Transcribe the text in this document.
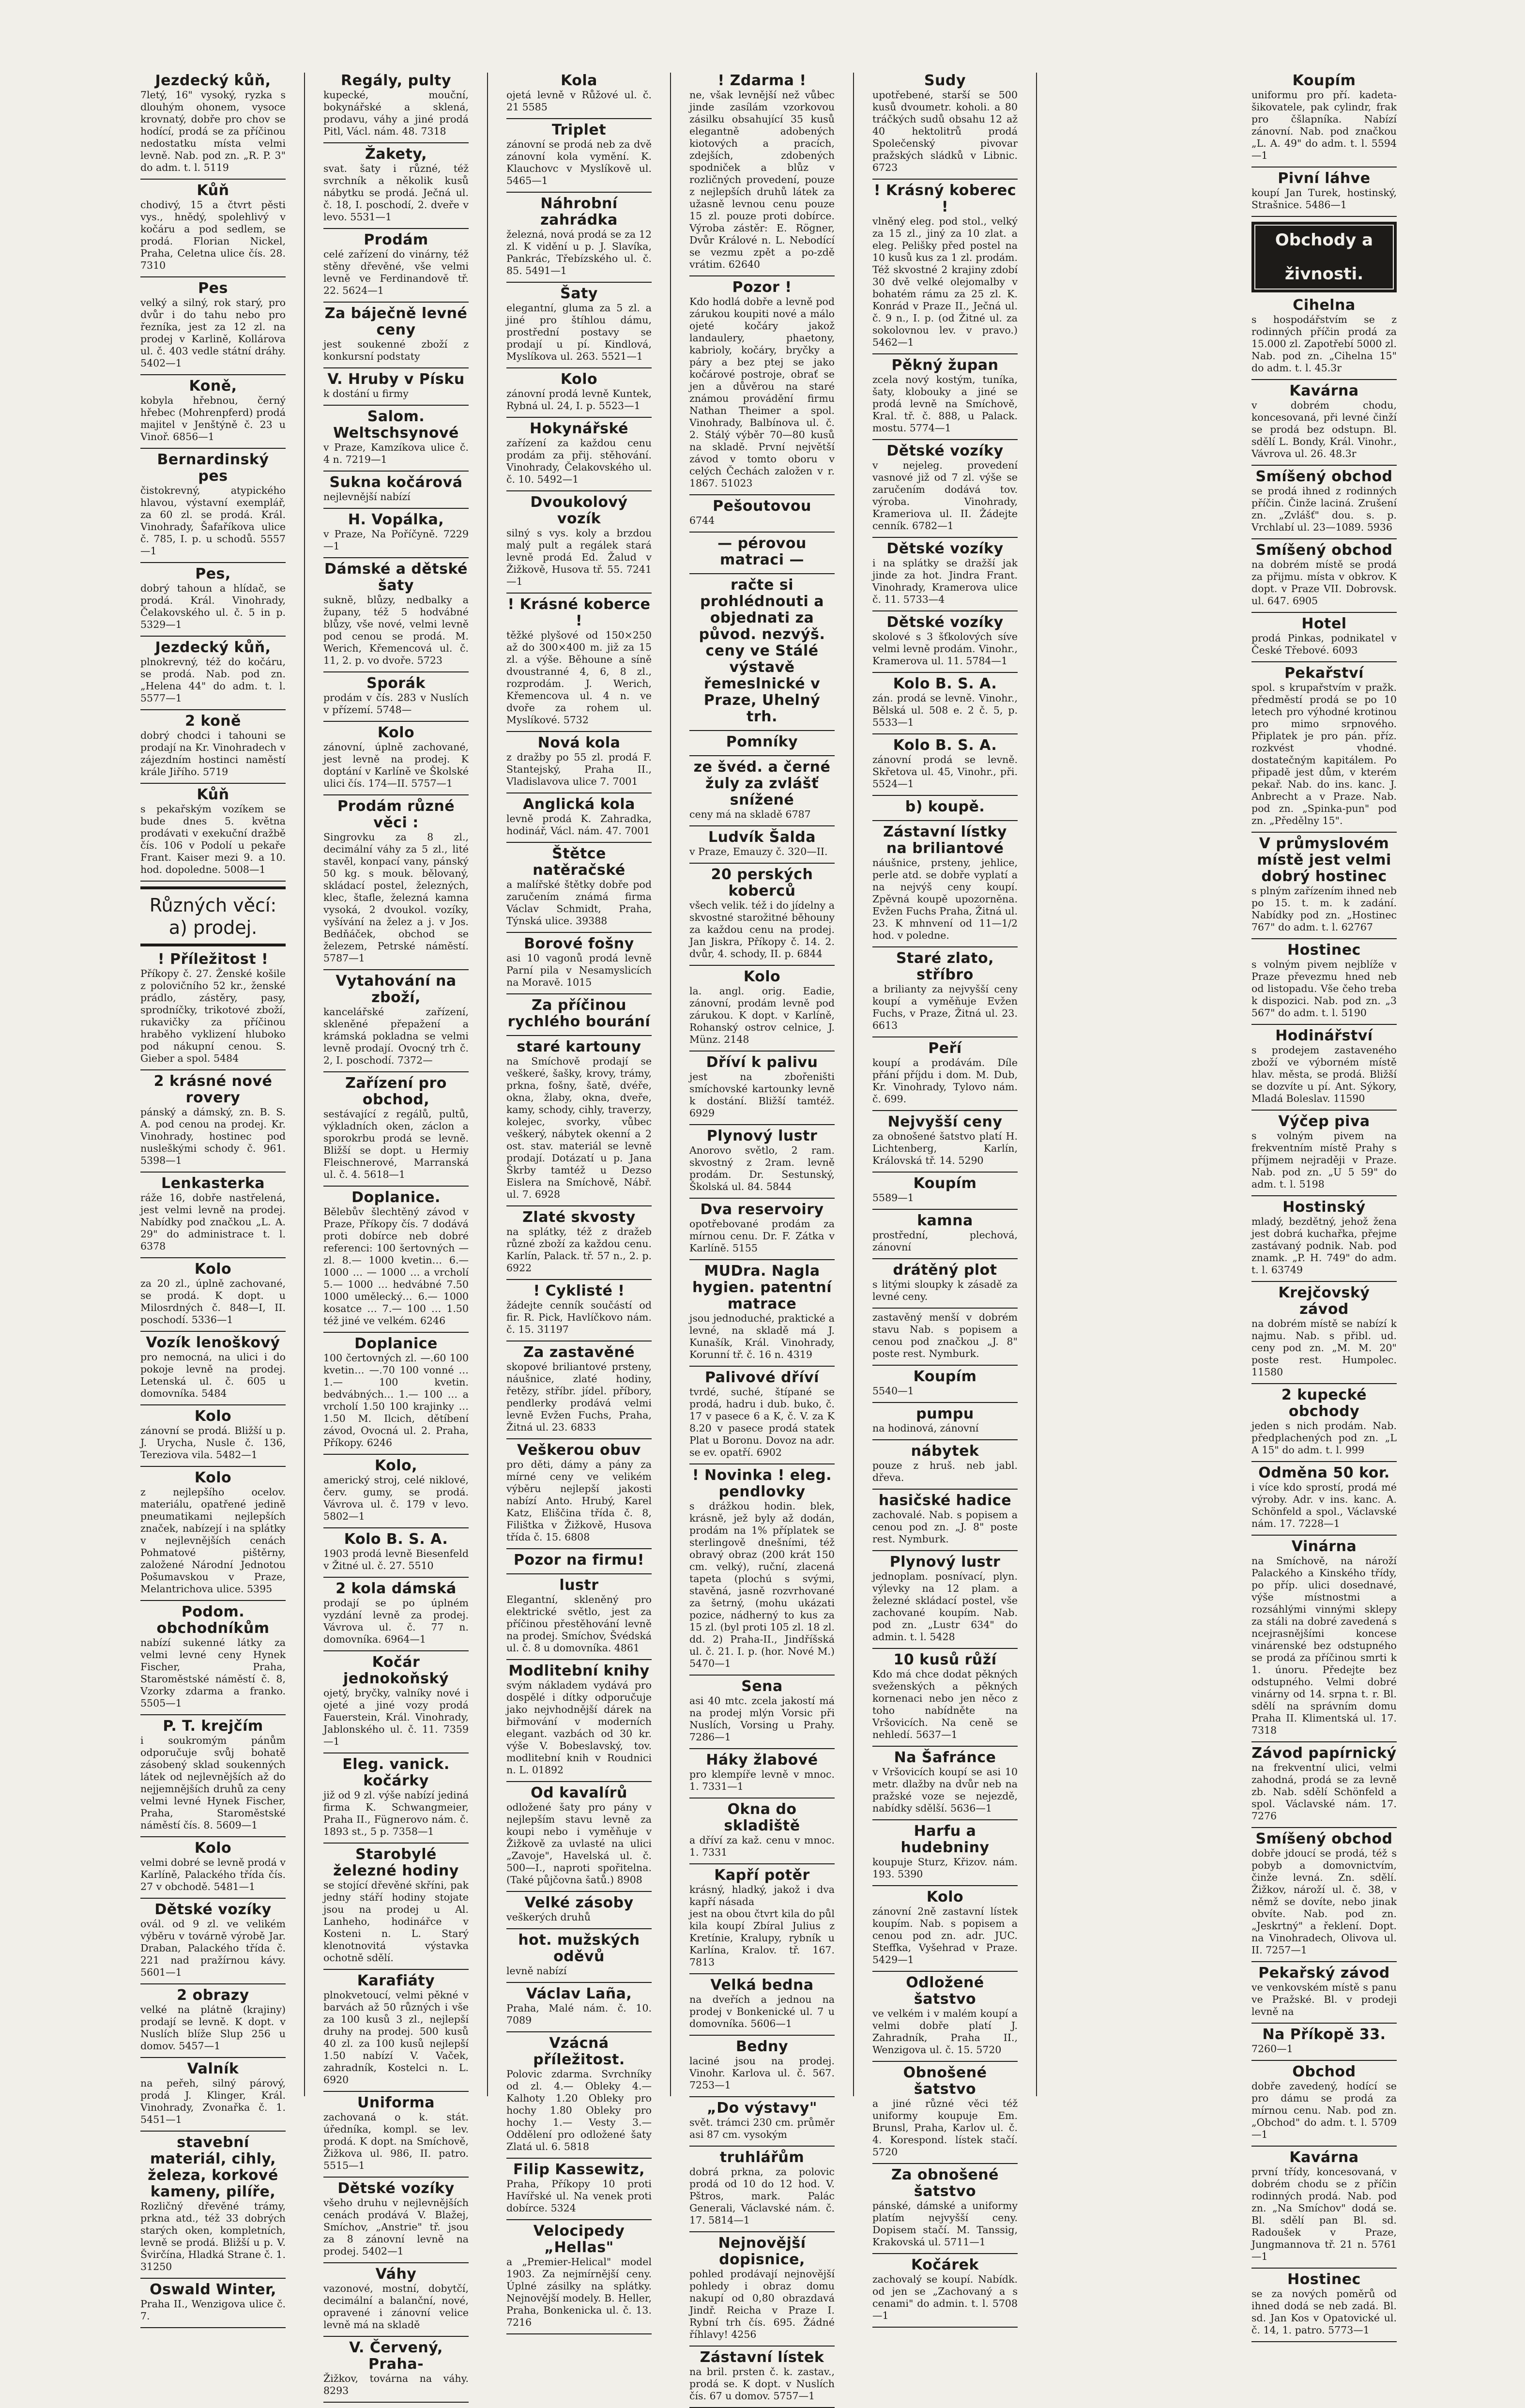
Jezdecký kůň,
7letý, 16" vysoký, ryzka s dlouhým ohonem, vysoce krovnatý, dobře pro chov se hodící, prodá se za příčinou nedostatku místa velmi levně. Nab. pod zn. „R. P. 3" do adm. t. l. 5119
Kůň
chodivý, 15 a čtvrt pěsti vys., hnědý, spolehlivý v kočáru a pod sedlem, se prodá. Florian Nickel, Praha, Celetna ulice čís. 28. 7310
Pes
velký a silný, rok starý, pro dvůr i do tahu nebo pro řezníka, jest za 12 zl. na prodej v Karlině, Kollárova ul. č. 403 vedle státní dráhy. 5402—1
Koně,
kobyla hřebnou, černý hřebec (Mohrenpferd) prodá majitel v Jenštýně č. 23 u Vinoř. 6856—1
Bernardinský pes
čistokrevný, atypického hlavou, výstavní exemplář, za 60 zl. se prodá. Král. Vinohrady, Šafaříkova ulice č. 785, I. p. u schodů. 5557—1
Pes,
dobrý tahoun a hlídač, se prodá. Král. Vinohrady, Čelakovského ul. č. 5 in p. 5329—1
Jezdecký kůň,
plnokrevný, též do kočáru, se prodá. Nab. pod zn. „Helena 44" do adm. t. l. 5577—1
2 koně
dobrý chodci i tahouni se prodají na Kr. Vinohradech v zájezdním hostinci naměstí krále Jiřího. 5719
Kůň
s pekařským vozíkem se bude dnes 5. května prodávati v exekuční dražbě čís. 106 v Podolí u pekaře Frant. Kaiser mezi 9. a 10. hod. dopoledne. 5008—1
Různých věcí: a) prodej.
! Příležitost !
Příkopy č. 27. Ženské košile z polovičního 52 kr., ženské prádlo, zástěry, pasy, sprodníčky, trikotové zboží, rukavičky za příčinou hraběho vyklizení hluboko pod nákupní cenou. S. Gieber a spol. 5484
2 krásné nové rovery
pánský a dámský, zn. B. S. A. pod cenou na prodej. Kr. Vinohrady, hostinec pod nusleškými schody č. 961. 5398—1
Lenkasterka
ráže 16, dobře nastřelená, jest velmi levně na prodej. Nabídky pod značkou „L. A. 29" do administrace t. l. 6378
Kolo
za 20 zl., úplně zachované, se prodá. K dopt. u Milosrdných č. 848—I, II. poschodí. 5336—1
Vozík lenoškový
pro nemocná, na ulici i do pokoje levně na prodej. Letenská ul. č. 605 u domovníka. 5484
Kolo
zánovní se prodá. Bližší u p. J. Urycha, Nusle č. 136, Tereziova vila. 5482—1
Kolo
z nejlepšího ocelov. materiálu, opatřené jedině pneumatikami nejlepších značek, nabízejí i na splátky v nejlevnějších cenách Pohmatové pištěrny, založené Národní Jednotou Pošumavskou v Praze, Melantrichova ulice. 5395
Podom. obchodníkům
nabízí sukenné látky za velmi levné ceny Hynek Fischer, Praha, Staroměstské náměstí č. 8, Vzorky zdarma a franko. 5505—1
P. T. krejčím
i soukromým pánům odporučuje svůj bohatě zásobený sklad soukenných látek od nejlevnějších až do nejjemnějších druhů za ceny velmi levné Hynek Fischer, Praha, Staroměstské náměstí čís. 8. 5609—1
Kolo
velmi dobré se levně prodá v Karlíně, Palackého třída čís. 27 v obchodě. 5481—1
Dětské vozíky
ovál. od 9 zl. ve velikém výběru v továrně výrobě Jar. Draban, Palackého třída č. 221 nad pražírnou kávy. 5601—1
2 obrazy
velké na plátně (krajiny) prodají se levně. K dopt. v Nuslích blíže Slup 256 u domov. 5457—1
Valník
na peřeh, silný párový, prodá J. Klinger, Král. Vinohrady, Zvonařka č. 1. 5451—1
stavební materiál, cihly, železa, korkové kameny, pilíře,
Rozličný dřevěné trámy, prkna atd., též 33 dobrých starých oken, kompletních, levně se prodá. Bližší u p. V. Švirčína, Hladká Strane č. 1. 31250
Oswald Winter,
Praha II., Wenzigova ulice č. 7.
Regály, pulty
kupecké, mouční, bokynářské a sklená, prodavu, váhy a jiné prodá Pitl, Václ. nám. 48. 7318
Žakety,
svat. šaty i různé, též svrchník a několik kusů nábytku se prodá. Ječná ul. č. 18, I. poschodí, 2. dveře v levo. 5531—1
Prodám
celé zařízení do vinárny, též stěny dřevěné, vše velmi levně ve Ferdinandově tř. 22. 5624—1
Za báječně levné ceny
jest soukenné zboží z konkursní podstaty
V. Hruby v Písku
k dostání u firmy
Salom. Weltschsynové
v Praze, Kamzíkova ulice č. 4 n. 7219—1
Sukna kočárová
nejlevnější nabízí
H. Vopálka,
v Praze, Na Poříčyně. 7229—1
Dámské a dětské šaty
sukně, blůzy, nedbalky a župany, též 5 hodvábné blůzy, vše nové, velmi levně pod cenou se prodá. M. Werich, Křemencová ul. č. 11, 2. p. vo dvoře. 5723
Sporák
prodám v čís. 283 v Nuslích v přízemí. 5748—
Kolo
zánovní, úplně zachované, jest levně na prodej. K doptání v Karlíně ve Školské ulici čís. 174—II. 5757—1
Prodám různé věci :
Singrovku za 8 zl., decimální váhy za 5 zl., lité stavěl, konpací vany, pánský 50 kg. s mouk. bělovaný, skládací postel, železných, klec, štafle, železná kamna vysoká, 2 dvoukol. vozíky, vyšívání na želez a j. v Jos. Bedňáček, obchod se železem, Petrské náměstí. 5787—1
Vytahování na zboží,
kancelářské zařízení, skleněné přepažení a krámská pokladna se velmi levně prodají. Ovocný trh č. 2, I. poschodí. 7372—
Zařízení pro obchod,
sestávající z regálů, pultů, výkladních oken, záclon a sporokrbu prodá se levně. Bližší se dopt. u Hermiy Fleischnerové, Marranská ul. č. 4. 5618—1
Doplanice.
Bělebův šlechtěný závod v Praze, Příkopy čís. 7 dodává proti dobírce neb dobré referenci: 100 šertovných — zl. 8.— 1000 kvetin… 6.— 1000 … — 1000 … a vrcholí 5.— 1000 … hedvábné 7.50 1000 umělecký… 6.— 1000 kosatce … 7.— 100 … 1.50 též jiné ve velkém. 6246
Doplanice
100 čertovných zl. —.60 100 kvetin… —.70 100 vonné … 1.— 100 kvetin. bedvábných… 1.— 100 … a vrcholí 1.50 100 krajinky … 1.50 M. Ilcich, dětíbení závod, Ovocná ul. 2. Praha, Příkopy. 6246
Kolo,
americký stroj, celé niklové, červ. gumy, se prodá. Vávrova ul. č. 179 v levo. 5802—1
Kolo B. S. A.
1903 prodá levně Biesenfeld v Žitné ul. č. 27. 5510
2 kola dámská
prodají se po úplném vyzdání levně za prodej. Vávrova ul. č. 77 n. domovníka. 6964—1
Kočár jednokoňský
ojetý, bryčky, valníky nové i ojeté a jiné vozy prodá Fauerstein, Král. Vinohrady, Jablonského ul. č. 11. 7359—1
Eleg. vanick. kočárky
již od 9 zl. výše nabízí jediná firma K. Schwangmeier, Praha II., Fügnerovo nám. č. 1893 st., 5 p. 7358—1
Starobylé železné hodiny
se stojící dřevěné skříni, pak jedny stáří hodiny stojate jsou na prodej u Al. Lanheho, hodinářce v Kosteni n. L. Starý klenotnovitá výstavka ochotně sdělí.
Karafiáty
plnokvetoucí, velmi pěkné v barvách až 50 různých i vše za 100 kusů 3 zl., nejlepší druhy na prodej. 500 kusů 40 zl. za 100 kusů nejlepší 1.50 nabízí V. Vaček, zahradník, Kostelci n. L. 6920
Uniforma
zachovaná o k. stát. úředníka, kompl. se lev. prodá. K dopt. na Smíchově, Žižkova ul. 986, II. patro. 5515—1
Dětské vozíky
všeho druhu v nejlevnějších cenách prodává V. Blažej, Smíchov, „Anstrie" tř. jsou za 8 zánovní levně na prodej. 5402—1
Váhy
vazonové, mostní, dobytčí, decimální a balanční, nové, opravené i zánovní velice levně má na skladě
V. Červený, Praha-
Žižkov, továrna na váhy. 8293
Kola
ojetá levně v Růžové ul. č. 21 5585
Triplet
zánovní se prodá neb za dvě zánovní kola vymění. K. Klauchovc v Myslíkově ul. 5465—1
Náhrobní zahrádka
železná, nová prodá se za 12 zl. K vidění u p. J. Slavíka, Pankrác, Třebízského ul. č. 85. 5491—1
Šaty
elegantní, gluma za 5 zl. a jiné pro štíhlou dámu, prostřední postavy se prodají u pí. Kindlová, Myslíkova ul. 263. 5521—1
Kolo
zánovní prodá levně Kuntek, Rybná ul. 24, I. p. 5523—1
Hokynářské
zařízení za každou cenu prodám za přij. stěhování. Vinohrady, Čelakovského ul. č. 10. 5492—1
Dvoukolový vozík
silný s vys. koly a brzdou malý pult a regálek stará levně prodá Ed. Žalud v Žižkově, Husova tř. 55. 7241—1
! Krásné koberce !
těžké plyšové od 150×250 až do 300×400 m. již za 15 zl. a výše. Běhoune a síně dvoustranné 4, 6, 8 zl., rozprodám. J. Werich, Křemencova ul. 4 n. ve dvoře za rohem ul. Myslíkové. 5732
Nová kola
z dražby po 55 zl. prodá F. Stantejský, Praha II., Vladislavova ulice 7. 7001
Anglická kola
levně prodá K. Zahradka, hodinář, Václ. nám. 47. 7001
Štětce natěračské
a malířské štětky dobře pod zaručením známá firma Václav Schmidt, Praha, Týnská ulice. 39388
Borové fošny
asi 10 vagonů prodá levně Parní pila v Nesamyslicích na Moravě. 1015
Za příčinou rychlého bourání
staré kartouny
na Smíchově prodají se veškeré, šašky, krovy, trámy, prkna, fošny, šatě, dvéře, okna, žlaby, okna, dveře, kamy, schody, cihly, traverzy, kolejec, svorky, vůbec veškerý, nábytek okenní a 2 ost. stav. materiál se levně prodají. Dotázatí u p. Jana Škrby tamtéž u Dezso Eislera na Smíchově, Nábř. ul. 7. 6928
Zlaté skvosty
na splátky, též z dražeb různé zboží za každou cenu. Karlín, Palack. tř. 57 n., 2. p. 6922
! Cyklisté !
žádejte cenník součástí od fir. R. Pick, Havlíčkovo nám. č. 15. 31197
Za zastavěné
skopové briliantové prsteny, náušnice, zlaté hodiny, řetězy, stříbr. jídel. příbory, pendlerky prodává velmi levně Evžen Fuchs, Praha, Žitná ul. 23. 6833
Veškerou obuv
pro děti, dámy a pány za mírné ceny ve velikém výběru nejlepší jakosti nabízí Anto. Hrubý, Karel Katz, Eliščina třída č. 8, Filištka v Žižkově, Husova třída č. 15. 6808
Pozor na firmu!
lustr
Elegantní, skleněný pro elektrické světlo, jest za příčinou přestěhování levně na prodej. Smíchov, Švédská ul. č. 8 u domovníka. 4861
Modlitební knihy
svým nákladem vydává pro dospělé i dítky odporučuje jako nejvhodnější dárek na biřmování v moderních elegant. vazbách od 30 kr. výše V. Bobeslavský, tov. modlitební knih v Roudnici n. L. 01892
Od kavalírů
odložené šaty pro pány v nejlepším stavu levně za koupi nebo i vyměňuje v Žižkově za uvlasté na ulici „Zavoje", Havelská ul. č. 500—I., naproti spořitelna. (Také půjčovna šatů.) 8908
Velké zásoby
veškerých druhů
hot. mužských oděvů
levně nabízí
Václav Laña,
Praha, Malé nám. č. 10. 7089
Vzácná příležitost.
Polovic zdarma. Svrchníky od zl. 4.— Obleky 4.— Kalhoty 1.20 Obleky pro hochy 1.80 Obleky pro hochy 1.— Vesty 3.— Oddělení pro odložené šaty Zlatá ul. 6. 5818
Filip Kassewitz,
Praha, Příkopy 10 proti Havířské ul. Na venek proti dobírce. 5324
Velocipedy „Hellas"
a „Premier-Helical" model 1903. Za nejmírnější ceny. Úplné zásilky na splátky. Nejnovější modely. B. Heller, Praha, Bonkenicka ul. č. 13. 7216
! Zdarma !
ne, však levnější než vůbec jinde zasílám vzorkovou zásilku obsahující 35 kusů elegantně adobených kiotových a pracích, zdejších, zdobených spodniček a blůz v rozličných provedení, pouze z nejlepších druhů látek za užasně levnou cenu pouze 15 zl. pouze proti dobírce. Výroba zástěr: E. Rögner, Dvůr Králové n. L. Nebodící se vezmu zpět a po-zdě vrátim. 62640
Pozor !
Kdo hodlá dobře a levně pod zárukou koupiti nové a málo ojeté kočáry jakož landaulery, phaetony, kabrioly, kočáry, bryčky a páry a bez ptej se jako kočárové postroje, obrať se jen a důvěrou na staré známou provádění firmu Nathan Theimer a spol. Vinohrady, Balbínova ul. č. 2. Stálý výběr 70—80 kusů na skladě. První největší závod v tomto oboru v celých Čechách založen v r. 1867. 51023
Pešoutovou
6744
— pérovou matraci —
račte si prohlédnouti a objednati za původ. nezvýš. ceny ve Stálé výstavě řemeslnické v Praze, Uhelný trh.
Pomníky
ze švéd. a černé žuly za zvlášť snížené
ceny má na skladě 6787
Ludvík Šalda
v Praze, Emauzy č. 320—II.
20 perských koberců
všech velik. též i do jídelny a skvostné starožitné běhouny za každou cenu na prodej. Jan Jiskra, Příkopy č. 14. 2. dvůr, 4. schody, II. p. 6844
Kolo
la. angl. orig. Eadie, zánovní, prodám levně pod zárukou. K dopt. v Karlíně, Rohanský ostrov celnice, J. Münz. 2148
Dříví k palivu
jest na zbořeništi smíchovské kartounky levně k dostání. Bližší tamtéž. 6929
Plynový lustr
Anorovo světlo, 2 ram. skvostný z 2ram. levně prodám. Dr. Sestunský, Školská ul. 84. 5844
Dva reservoiry
opotřebované prodám za mírnou cenu. Dr. F. Zátka v Karlíně. 5155
MUDra. Nagla hygien. patentní matrace
jsou jednoduché, praktické a levné, na skladě má J. Kunašík, Král. Vinohrady, Korunní tř. č. 16 n. 4319
Palivové dříví
tvrdé, suché, štípané se prodá, hadru i dub. buko, č. 17 v pasece 6 a K, č. V. za K 8.20 v pasece prodá statek Plat u Boronu. Dovoz na adr. se ev. opatří. 6902
! Novinka ! eleg. pendlovky
s drážkou hodin. blek, krásně, jež byly až dodán, prodám na 1% příplatek se sterlingově dnešními, též obravý obraz (200 krát 150 cm. velký), ruční, zlacená tapeta (plochú s svými, stavěná, jasně rozvrhované za šetrný, (mohu ukázati pozice, nádherný to kus za 15 zl. (byl proti 105 zl. 18 zl. dd. 2) Praha-II., Jindříšská ul. č. 21. I. p. (hor. Nové M.) 5470—1
Sena
asi 40 mtc. zcela jakostí má na prodej mlýn Vorsic při Nuslích, Vorsing u Prahy. 7286—1
Háky žlabové
pro klempíře levně v mnoc. 1. 7331—1
Okna do skladiště
a dříví za kaž. cenu v mnoc. 1. 7331
Kapří potěr
krásný, hladký, jakož i dva kapří násada
jest na obou čtvrt kila do půl kila koupí Zbíral Julius z Kretínie, Kralupy, rybník u Karlína, Kralov. tř. 167. 7813
Velká bedna
na dveřích a jednou na prodej v Bonkenické ul. 7 u domovníka. 5606—1
Bedny
laciné jsou na prodej. Vinohr. Karlova ul. č. 567. 7253—1
„Do výstavy"
svět. trámci 230 cm. průměr asi 87 cm. vysokým
truhlářům
dobrá prkna, za polovic prodá od 10 do 12 hod. V. Pštros, mark. Palác Generali, Václavské nám. č. 17. 5814—1
Nejnovější dopisnice,
pohled prodávají nejnovější pohledy i obraz domu nakupí od 0,80 obrazdavá Jindř. Reicha v Praze I. Rybní trh čís. 695. Žádné říhlavy! 4256
Zástavní lístek
na bril. prsten č. k. zastav., prodá se. K dopt. v Nuslích čís. 67 u domov. 5757—1
Sudy
upotřebené, starší se 500 kusů dvoumetr. koholi. a 80 tráčkých sudů obsahu 12 až 40 hektolitrů prodá Společenský pivovar pražských sládků v Libnic. 6723
! Krásný koberec !
vlněný eleg. pod stol., velký za 15 zl., jiný za 10 zlat. a eleg. Pelišky před postel na 10 kusů kus za 1 zl. prodám. Též skvostné 2 krajiny zdobí 30 dvě velké olejomalby v bohatém rámu za 25 zl. K. Konrád v Praze II., Ječná ul. č. 9 n., I. p. (od Žitné ul. za sokolovnou lev. v pravo.) 5462—1
Pěkný župan
zcela nový kostým, tuníka, šaty, klobouky a jiné se prodá levně na Smíchově, Kral. tř. č. 888, u Palack. mostu. 5774—1
Dětské vozíky
v nejeleg. provedení vasnové již od 7 zl. výše se zaručením dodává tov. výroba. Vinohrady, Krameriova ul. II. Žádejte cenník. 6782—1
Dětské vozíky
i na splátky se dražší jak jinde za hot. Jindra Frant. Vinohrady, Kramerova ulice č. 11. 5733—4
Dětské vozíky
skolové s 3 šťkolových síve velmi levně prodám. Vinohr., Kramerova ul. 11. 5784—1
Kolo B. S. A.
zán. prodá se levně. Vinohr., Bělská ul. 508 e. 2 č. 5, p. 5533—1
Kolo B. S. A.
zánovní prodá se levně. Skřetova ul. 45, Vinohr., při. 5524—1
b) koupě.
Zástavní lístky na briliantové
náušnice, prsteny, jehlice, perle atd. se dobře vyplatí a na nejvýš ceny koupí. Zpěvná koupě upozorněna. Evžen Fuchs Praha, Žitná ul. 23. K mhnvení od 11—1/2 hod. v poledne.
Staré zlato, stříbro
a brilianty za nejvyšší ceny koupí a vyměňuje Evžen Fuchs, v Praze, Žitná ul. 23. 6613
Peří
koupí a prodávám. Díle přání příjdu i dom. M. Dub, Kr. Vinohrady, Tylovo nám. č. 699.
Nejvyšší ceny
za obnošené šatstvo platí H. Lichtenberg, Karlín, Královská tř. 14. 5290
Koupím
5589—1
kamna
prostřední, plechová, zánovní
drátěný plot
s litými sloupky k zásadě za levné ceny.
zastavěný menší v dobrém stavu Nab. s popisem a cenou pod značkou „J. 8" poste rest. Nymburk.
Koupím
5540—1
pumpu
na hodinová, zánovní
nábytek
pouze z hruš. neb jabl. dřeva.
hasičské hadice
zachovalé. Nab. s popisem a cenou pod zn. „J. 8" poste rest. Nymburk.
Plynový lustr
jednoplam. posnívací, plyn. výlevky na 12 plam. a železné skládací postel, vše zachované koupím. Nab. pod zn. „Lustr 634" do admin. t. l. 5428
10 kusů růží
Kdo má chce dodat pěkných sveženských a pěkných kornenaci nebo jen něco z toho nabídněte na Vršovicích. Na ceně se nehledí. 5637—1
Na Šafránce
v Vršovicích koupí se asi 10 metr. dlažby na dvůr neb na pražské voze se nejezdě, nabídky sdělší. 5636—1
Harfu a hudebniny
koupuje Sturz, Křizov. nám. 193. 5390
Kolo
zánovní 2ně zastavní lístek koupím. Nab. s popisem a cenou pod zn. adr. JUC. Steffka, Vyšehrad v Praze. 5429—1
Odložené šatstvo
ve velkém i v malém koupí a velmi dobře platí J. Zahradník, Praha II., Wenzigova ul. č. 15. 5720
Obnošené šatstvo
a jiné různé věci též uniformy koupuje Em. Brunsl, Praha, Karlov ul. č. 4. Korespond. lístek stačí. 5720
Za obnošené šatstvo
pánské, dámské a uniformy platím nejvyšší ceny. Dopisem stačí. M. Tanssig, Krakovská ul. 5711—1
Kočárek
zachovalý se koupí. Nabídk. od jen se „Zachovaný a s cenami" do admin. t. l. 5708—1
Koupím
uniformu pro pří. kadeta-šikovatele, pak cylindr, frak pro čšlapníka. Nabízí zánovní. Nab. pod značkou „L. A. 49" do adm. t. l. 5594—1
Pivní láhve
koupí Jan Turek, hostinský, Strašnice. 5486—1
Obchody a živnosti.
Cihelna
s hospodářstvím se z rodinných příčin prodá za 15.000 zl. Zapotřebí 5000 zl. Nab. pod zn. „Cihelna 15" do adm. t. l. 45.3r
Kavárna
v dobrém chodu, koncesovaná, při levné činží se prodá bez odstupn. Bl. sdělí L. Bondy, Král. Vinohr., Vávrova ul. 26. 48.3r
Smíšený obchod
se prodá ihned z rodinných příčin. Činže laciná. Zrušení zn. „Zvlášť" dou. s. p. Vrchlabí ul. 23—1089. 5936
Smíšený obchod
na dobrém místě se prodá za přijmu. místa v obkrov. K dopt. v Praze VII. Dobrovsk. ul. 647. 6905
Hotel
prodá Pinkas, podnikatel v České Třebové. 6093
Pekařství
spol. s krupařstvím v pražk. předměstí prodá se po 10 letech pro výhodné krotinou pro mimo srpnového. Připlatek je pro pán. příz. rozkvést vhodné. dostatečným kapitálem. Po připadě jest dům, v kterém pekař. Nab. do ins. kanc. J. Anbrecht a v Praze. Nab. pod zn. „Spinka-pun" pod zn. „Předělny 15".
V průmyslovém místě jest velmi dobrý hostinec
s plným zařízením ihned neb po 15. t. m. k zadání. Nabídky pod zn. „Hostinec 767" do adm. t. l. 62767
Hostinec
s volným pivem nejblíže v Praze převezmu hned neb od listopadu. Vše čeho treba k dispozici. Nab. pod zn. „3 567" do adm. t. l. 5190
Hodinářství
s prodejem zastaveného zboží ve výborném místě hlav. města, se prodá. Bližší se dozvíte u pí. Ant. Sýkory, Mladá Boleslav. 11590
Výčep piva
s volným pivem na frekventním místě Prahy s příjmem nejraději v Praze. Nab. pod zn. „U 5 59" do adm. t. l. 5198
Hostinský
mladý, bezdětný, jehož žena jest dobrá kuchařka, přejme zastávaný podnik. Nab. pod znamk. „P. H. 749" do adm. t. l. 63749
Krejčovský závod
na dobrém místě se nabízí k najmu. Nab. s přibl. ud. ceny pod zn. „M. M. 20" poste rest. Humpolec. 11580
2 kupecké obchody
jeden s nich prodám. Nab. předplachených pod zn. „L A 15" do adm. t. l. 999
Odměna 50 kor.
i více kdo sprostí, prodá mé výroby. Adr. v ins. kanc. A. Schönfeld a spol., Václavské nám. 17. 7228—1
Vinárna
na Smíchově, na nároží Palackého a Kinského třídy, po příp. ulici dosednavé, výše místnostmi a rozsáhlými vinnými sklepy za stáli na dobré zavedená s ncejrasnějšími koncese vinárenské bez odstupného se prodá za příčinou smrti k 1. únoru. Předejte bez odstupného. Velmi dobré vinárny od 14. srpna t. r. Bl. sdělí na správním domu Praha II. Klimentská ul. 17. 7318
Závod papírnický
na frekventní ulici, velmi zahodná, prodá se za levně zb. Nab. sdělí Schönfeld a spol. Václavské nám. 17. 7276
Smíšený obchod
dobře jdoucí se prodá, též s pobyb a domovnictvím, činže levná. Zn. sdělí. Žižkov, nároží ul. č. 38, v němž se dovíte, nebo jinak obvíte. Nab. pod zn. „Jeskrtný" a řeklení. Dopt. na Vinohradech, Olivova ul. II. 7257—1
Pekařský závod
ve venkovském místě s panu ve Pražské. Bl. v prodeji levně na
Na Příkopě 33.
7260—1
Obchod
dobře zavedený, hodící se pro dámu se prodá za mírnou cenu. Nab. pod zn. „Obchod" do adm. t. l. 5709—1
Kavárna
první třídy, koncesovaná, v dobrém chodu se z příčin rodinných prodá. Nab. pod zn. „Na Smíchov" dodá se. Bl. sdělí pan Bl. sd. Radoušek v Praze, Jungmannova tř. 21 n. 5761—1
Hostinec
se za nových poměrů od ihned dodá se neb zadá. Bl. sd. Jan Kos v Opatovické ul. č. 14, 1. patro. 5773—1
